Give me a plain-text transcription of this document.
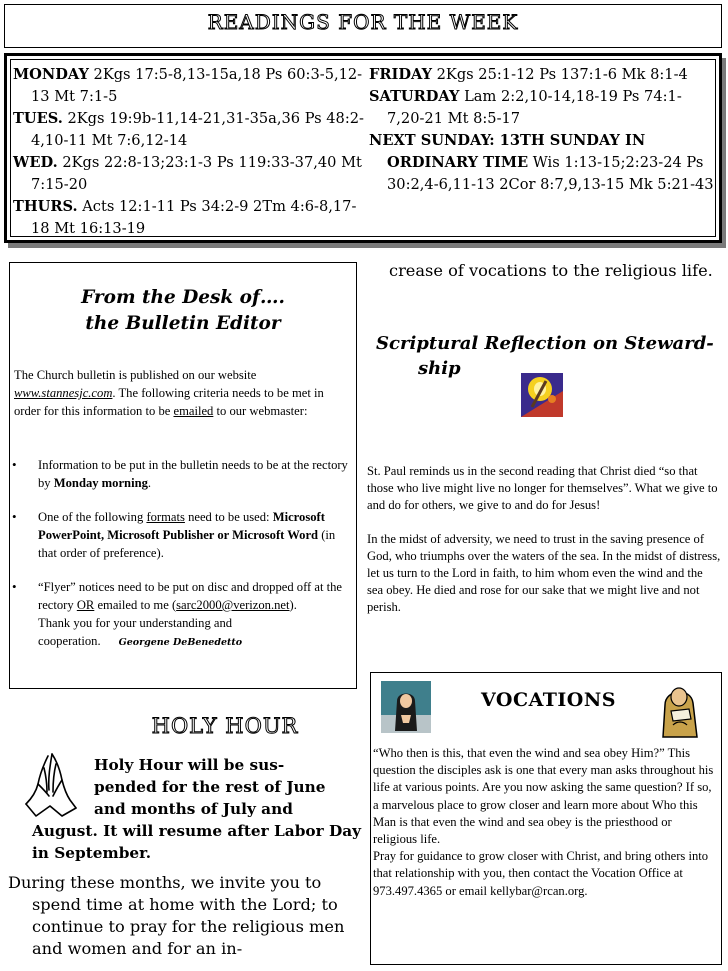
READINGS FOR THE WEEK
MONDAY 2Kgs 17:5-8,13-15a,18 Ps 60:3-5,12-13 Mt 7:1-5
TUES. 2Kgs 19:9b-11,14-21,31-35a,36 Ps 48:2-4,10-11 Mt 7:6,12-14
WED. 2Kgs 22:8-13;23:1-3 Ps 119:33-37,40 Mt 7:15-20
THURS. Acts 12:1-11 Ps 34:2-9 2Tm 4:6-8,17-18 Mt 16:13-19
FRIDAY 2Kgs 25:1-12 Ps 137:1-6 Mk 8:1-4
SATURDAY Lam 2:2,10-14,18-19 Ps 74:1-7,20-21 Mt 8:5-17
NEXT SUNDAY: 13TH SUNDAY IN ORDINARY TIME Wis 1:13-15;2:23-24 Ps 30:2,4-6,11-13 2Cor 8:7,9,13-15 Mk 5:21-43
From the Desk of….
the Bulletin Editor
The Church bulletin is published on our website www.stannesjc.com. The following criteria needs to be met in order for this information to be emailed to our webmaster:
• Information to be put in the bulletin needs to be at the rectory by Monday morning.
• One of the following formats need to be used: Microsoft PowerPoint, Microsoft Publisher or Microsoft Word (in that order of preference).
• “Flyer” notices need to be put on disc and dropped off at the rectory OR emailed to me (sarc2000@verizon.net).
Thank you for your understanding and cooperation. Georgene DeBenedetto
HOLY HOUR
Holy Hour will be sus-
pended for the rest of June
and months of July and
August. It will resume after Labor Day in September.

During these months, we invite you to spend time at home with the Lord; to continue to pray for the religious men and women and for an in-

crease of vocations to the religious life.
Scriptural Reflection on Steward-
ship

St. Paul reminds us in the second reading that Christ died “so that those who live might live no longer for themselves”. What we give to and do for others, we give to and do for Jesus!

In the midst of adversity, we need to trust in the saving presence of God, who triumphs over the waters of the sea. In the midst of distress, let us turn to the Lord in faith, to him whom even the wind and the sea obey. He died and rose for our sake that we might live and not perish.

VOCATIONS

“Who then is this, that even the wind and sea obey Him?” This question the disciples ask is one that every man asks throughout his life at various points. Are you now asking the same question? If so, a marvelous place to grow closer and learn more about Who this Man is that even the wind and sea obey is the priesthood or religious life.

Pray for guidance to grow closer with Christ, and bring others into that relationship with you, then contact the Vocation Office at 973.497.4365 or email kellybar@rcan.org.
